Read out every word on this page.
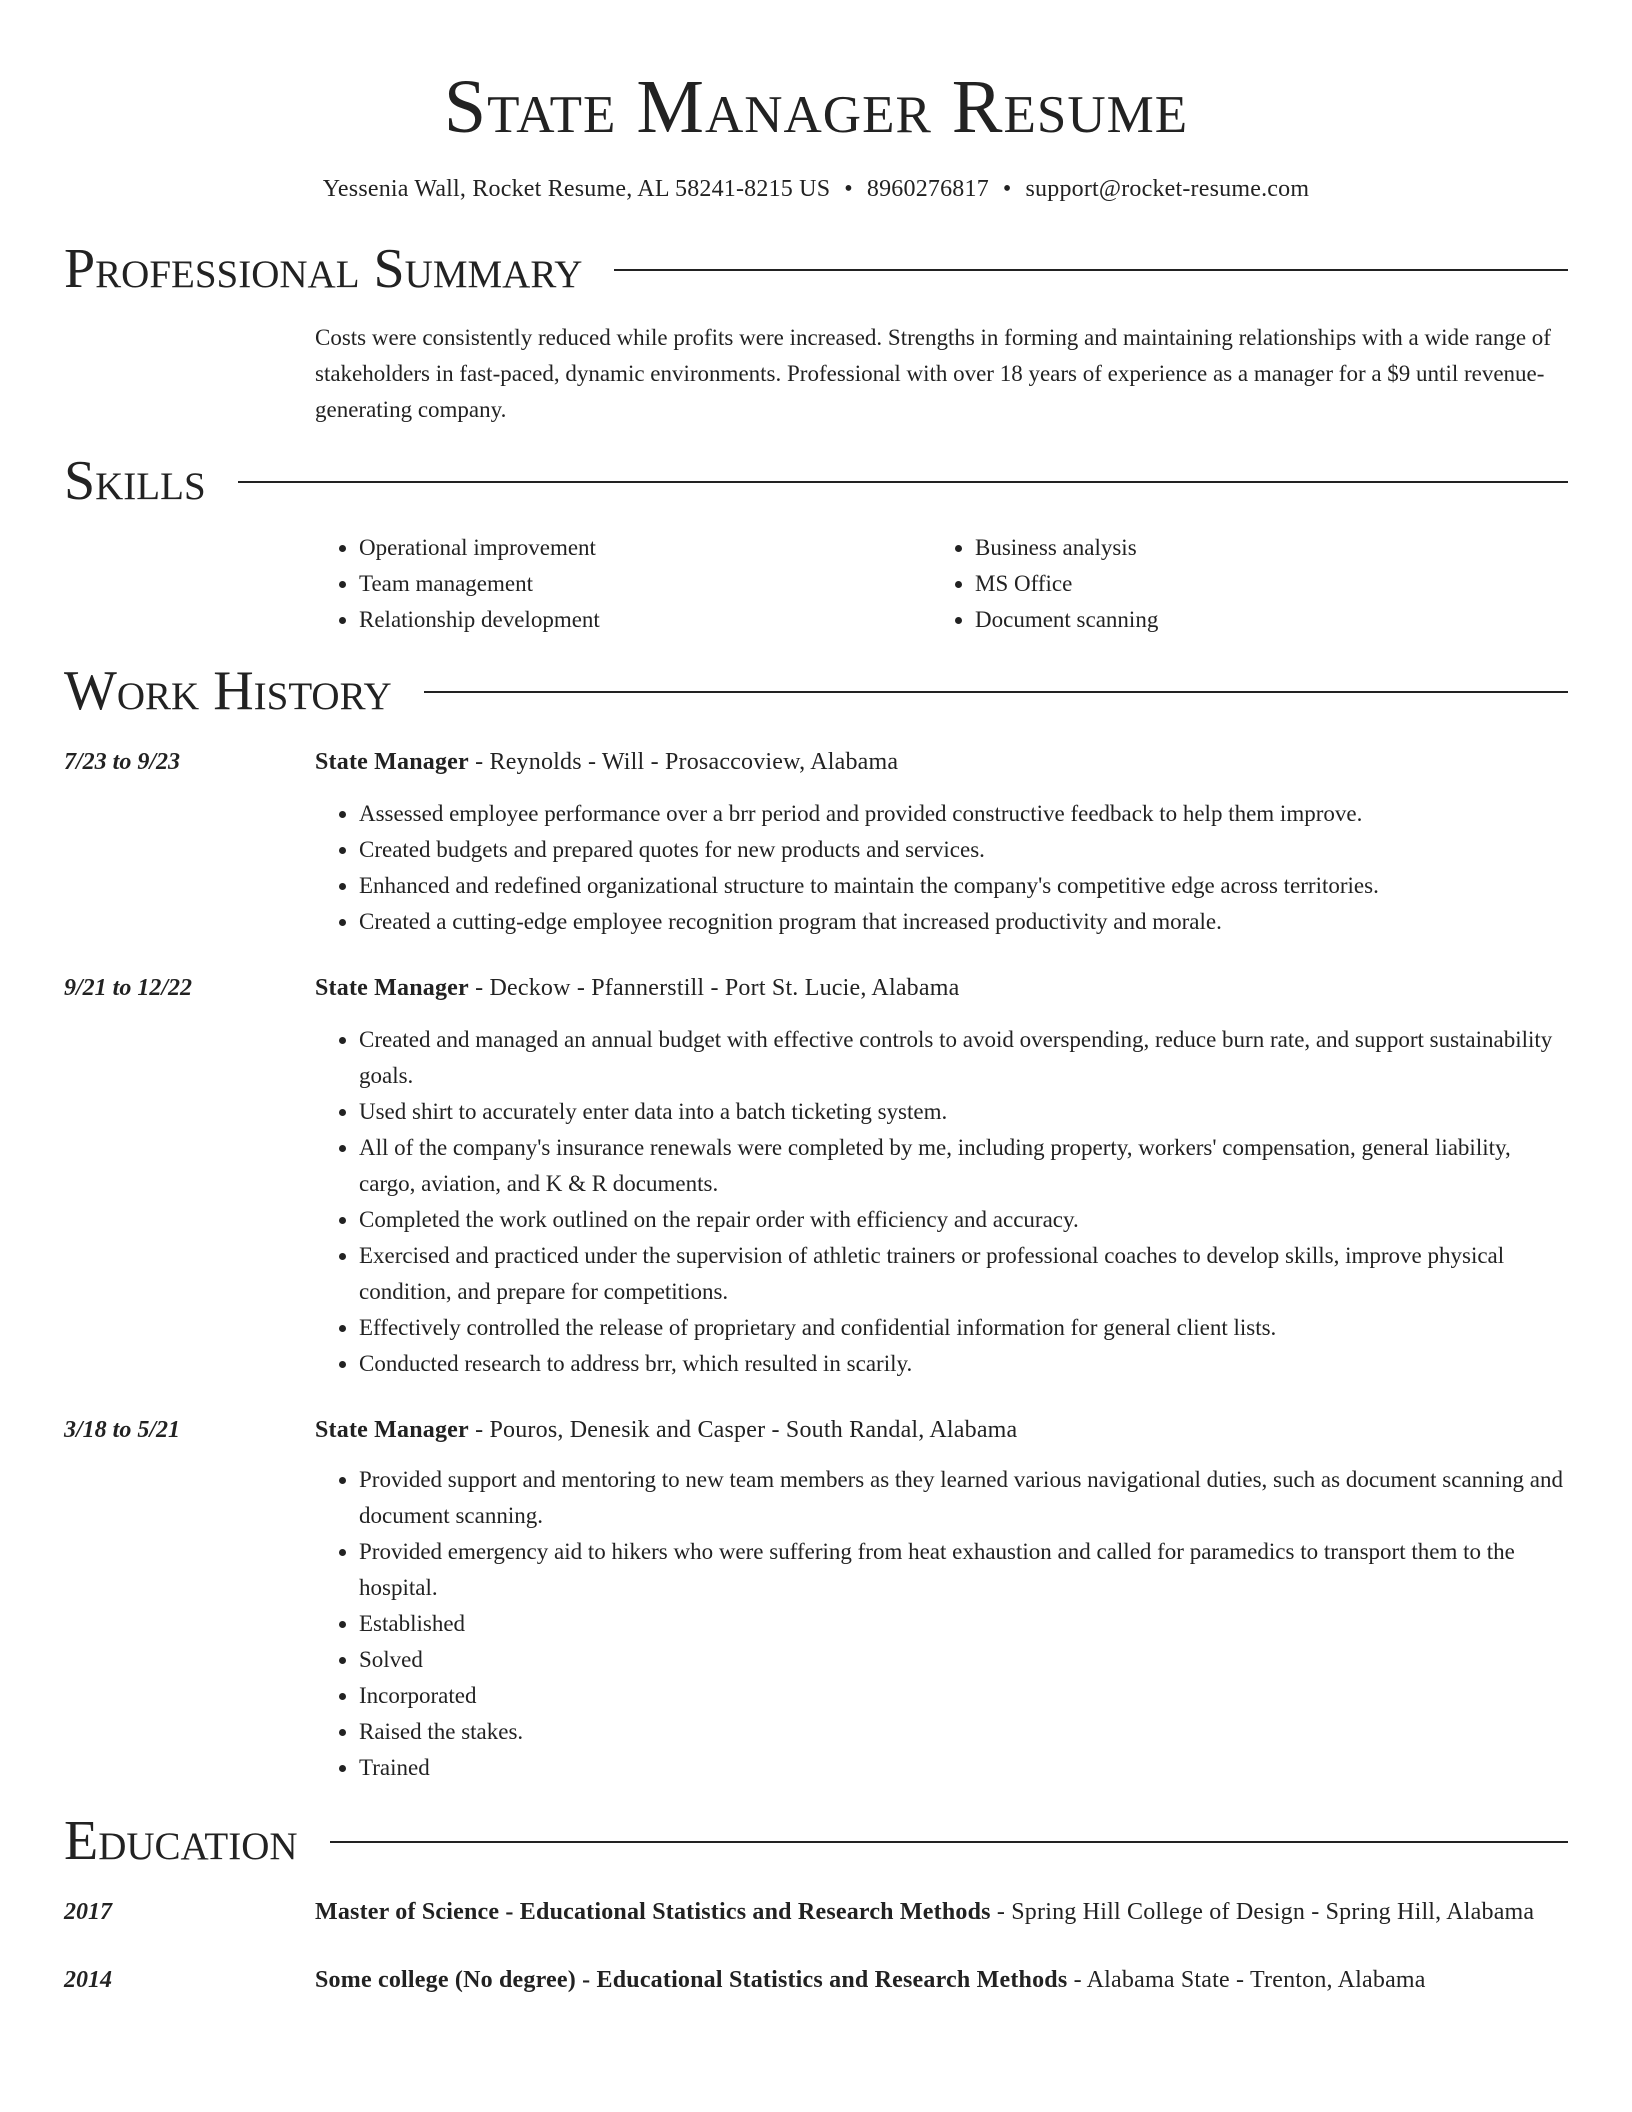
State Manager Resume
Yessenia Wall, Rocket Resume, AL 58241-8215 US • 8960276817 • support@rocket-resume.com
Professional Summary
Costs were consistently reduced while profits were increased. Strengths in forming and maintaining relationships with a wide range of stakeholders in fast-paced, dynamic environments. Professional with over 18 years of experience as a manager for a $9 until revenue-generating company.
Skills
• Operational improvement
• Team management
• Relationship development
• Business analysis
• MS Office
• Document scanning
Work History
7/23 to 9/23	State Manager - Reynolds - Will - Prosaccoview, Alabama
• Assessed employee performance over a brr period and provided constructive feedback to help them improve.
• Created budgets and prepared quotes for new products and services.
• Enhanced and redefined organizational structure to maintain the company's competitive edge across territories.
• Created a cutting-edge employee recognition program that increased productivity and morale.
9/21 to 12/22	State Manager - Deckow - Pfannerstill - Port St. Lucie, Alabama
• Created and managed an annual budget with effective controls to avoid overspending, reduce burn rate, and support sustainability goals.
• Used shirt to accurately enter data into a batch ticketing system.
• All of the company's insurance renewals were completed by me, including property, workers' compensation, general liability, cargo, aviation, and K & R documents.
• Completed the work outlined on the repair order with efficiency and accuracy.
• Exercised and practiced under the supervision of athletic trainers or professional coaches to develop skills, improve physical condition, and prepare for competitions.
• Effectively controlled the release of proprietary and confidential information for general client lists.
• Conducted research to address brr, which resulted in scarily.
3/18 to 5/21	State Manager - Pouros, Denesik and Casper - South Randal, Alabama
• Provided support and mentoring to new team members as they learned various navigational duties, such as document scanning and document scanning.
• Provided emergency aid to hikers who were suffering from heat exhaustion and called for paramedics to transport them to the hospital.
• Established
• Solved
• Incorporated
• Raised the stakes.
• Trained
Education
2017	Master of Science - Educational Statistics and Research Methods - Spring Hill College of Design - Spring Hill, Alabama
2014	Some college (No degree) - Educational Statistics and Research Methods - Alabama State - Trenton, Alabama
